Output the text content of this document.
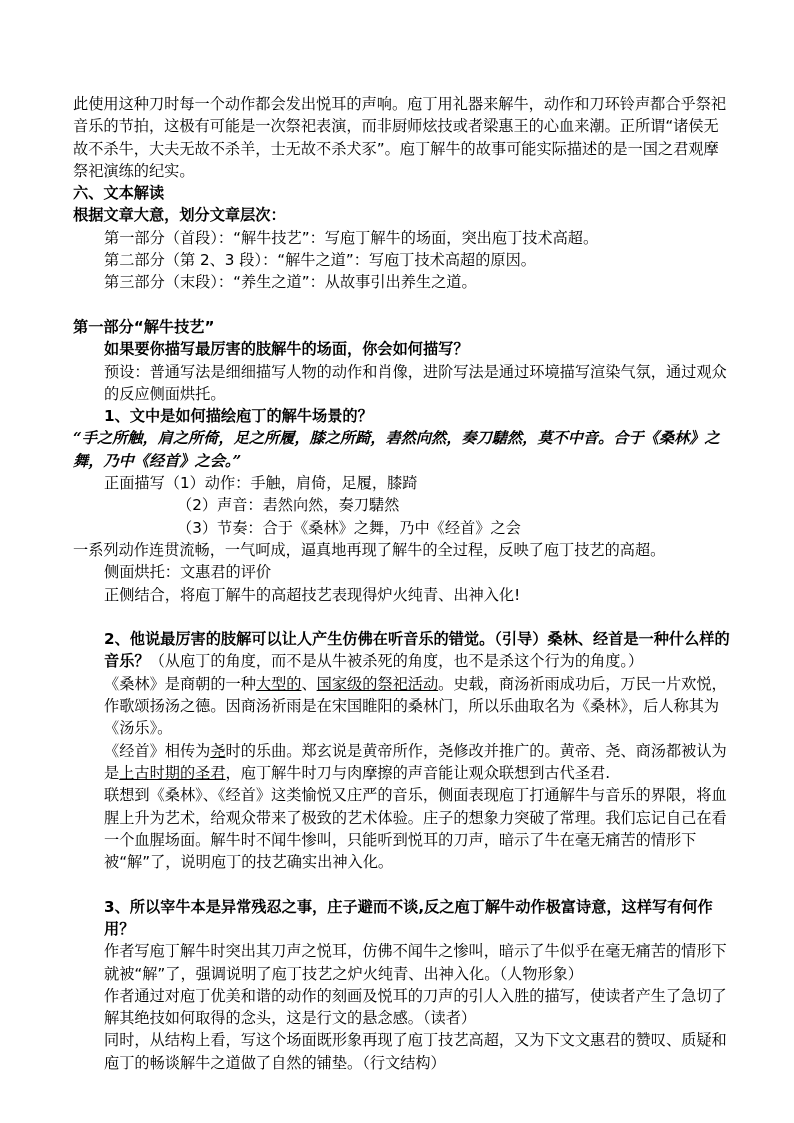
此使用这种刀时每一个动作都会发出悦耳的声响。庖丁用礼器来解牛，动作和刀环铃声都合乎祭祀音乐的节拍，这极有可能是一次祭祀表演，而非厨师炫技或者梁惠王的心血来潮。正所谓“诸侯无故不杀牛，大夫无故不杀羊，士无故不杀犬豕”。庖丁解牛的故事可能实际描述的是一国之君观摩祭祀演练的纪实。

六、文本解读

根据文章大意，划分文章层次：

第一部分（首段）：“解牛技艺”：写庖丁解牛的场面，突出庖丁技术高超。

第二部分（第 2、3 段）：“解牛之道”：写庖丁技术高超的原因。

第三部分（末段）：“养生之道”：从故事引出养生之道。

第一部分“解牛技艺”

如果要你描写最厉害的肢解牛的场面，你会如何描写？

预设：普通写法是细细描写人物的动作和肖像，进阶写法是通过环境描写渲染气氛，通过观众的反应侧面烘托。

1、文中是如何描绘庖丁的解牛场景的？

“手之所触，肩之所倚，足之所履，膝之所踦，砉然向然，奏刀騞然，莫不中音。合于《桑林》之舞，乃中《经首》之会。”

正面描写（1）动作：手触，肩倚，足履，膝踦

（2）声音：砉然向然，奏刀騞然

（3）节奏：合于《桑林》之舞，乃中《经首》之会

一系列动作连贯流畅，一气呵成，逼真地再现了解牛的全过程，反映了庖丁技艺的高超。

侧面烘托：文惠君的评价

正侧结合，将庖丁解牛的高超技艺表现得炉火纯青、出神入化!

2、他说最厉害的肢解可以让人产生仿佛在听音乐的错觉。（引导）桑林、经首是一种什么样的音乐？（从庖丁的角度，而不是从牛被杀死的角度，也不是杀这个行为的角度。）

《桑林》是商朝的一种大型的、国家级的祭祀活动。史载，商汤祈雨成功后，万民一片欢悦，作歌颂扬汤之德。因商汤祈雨是在宋国睢阳的桑林门，所以乐曲取名为《桑林》，后人称其为《汤乐》。

《经首》相传为尧时的乐曲。郑玄说是黄帝所作，尧修改并推广的。黄帝、尧、商汤都被认为是上古时期的圣君，庖丁解牛时刀与肉摩擦的声音能让观众联想到古代圣君.

联想到《桑林》、《经首》这类愉悦又庄严的音乐，侧面表现庖丁打通解牛与音乐的界限，将血腥上升为艺术，给观众带来了极致的艺术体验。庄子的想象力突破了常理。我们忘记自己在看一个血腥场面。解牛时不闻牛惨叫，只能听到悦耳的刀声，暗示了牛在毫无痛苦的情形下被“解”了，说明庖丁的技艺确实出神入化。

3、所以宰牛本是异常残忍之事，庄子避而不谈,反之庖丁解牛动作极富诗意，这样写有何作用？

作者写庖丁解牛时突出其刀声之悦耳，仿佛不闻牛之惨叫，暗示了牛似乎在毫无痛苦的情形下就被“解”了，强调说明了庖丁技艺之炉火纯青、出神入化。（人物形象）

作者通过对庖丁优美和谐的动作的刻画及悦耳的刀声的引人入胜的描写，使读者产生了急切了解其绝技如何取得的念头，这是行文的悬念感。（读者）

同时，从结构上看，写这个场面既形象再现了庖丁技艺高超，又为下文文惠君的赞叹、质疑和庖丁的畅谈解牛之道做了自然的铺垫。（行文结构）
